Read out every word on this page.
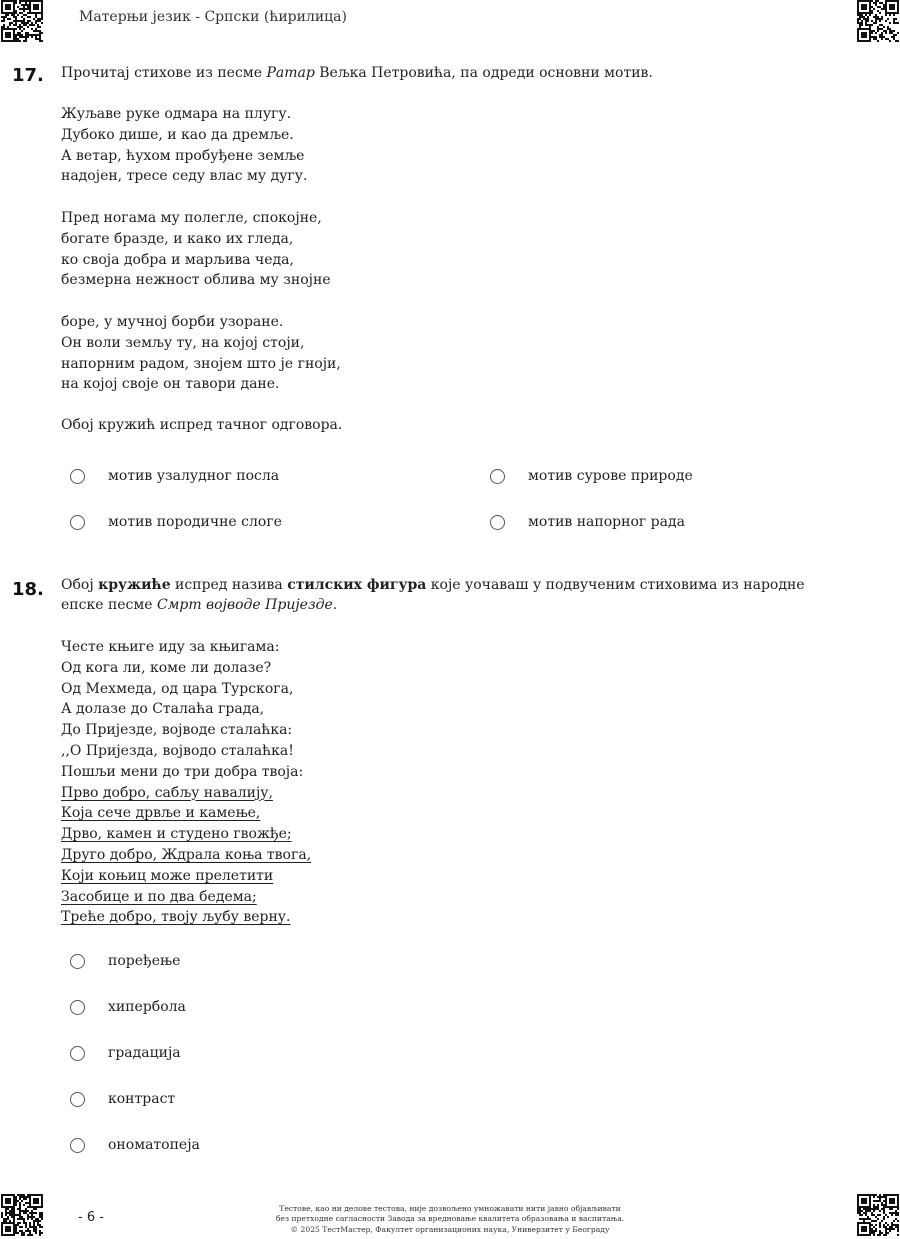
Матерњи језик - Српски (ћирилица)
17. Прочитај стихове из песме Ратар Вељка Петровића, па одреди основни мотив.
Жуљаве руке одмара на плугу.
Дубоко дише, и као да дремље.
А ветар, ћухом пробуђене земље
надојен, тресе седу влас му дугу.
Пред ногама му полегле, спокојне,
богате бразде, и како их гледа,
ко своја добра и марљива чеда,
безмерна нежност облива му знојне
боре, у мучној борби узоране.
Он воли земљу ту, на којој стоји,
напорним радом, знојем што је гноји,
на којој своје он тавори дане.
Обој кружић испред тачног одговора.
мотив узалудног посла	мотив сурове природе
мотив породичне слоге	мотив напорног рада
18. Обој кружиће испред назива стилских фигура које уочаваш у подвученим стиховима из народне
епске песме Смрт војводе Пријезде.
Честе књиге иду за књигама:
Од кога ли, коме ли долазе?
Од Мехмеда, од цара Турскога,
А долазе до Сталаћа града,
До Пријезде, војводе сталаћка:
,,О Пријезда, војводо сталаћка!
Пошљи мени до три добра твоја:
Прво добро, сабљу навалију,
Која сече дрвље и камење,
Дрво, камен и студено гвожђе;
Друго добро, Ждрала коња твога,
Који коњиц може прелетити
Засобице и по два бедема;
Треће добро, твоју љубу верну.
поређење
хипербола
градација
контраст
ономатопеја
- 6 -
Тестове, као ни делове тестова, није дозвољено умножавати нити јавно објављивати
без претходне сагласности Завода за вредновање квалитета образовања и васпитања.
© 2025 ТестМастер, Факултет организационих наука, Универзитет у Београду
